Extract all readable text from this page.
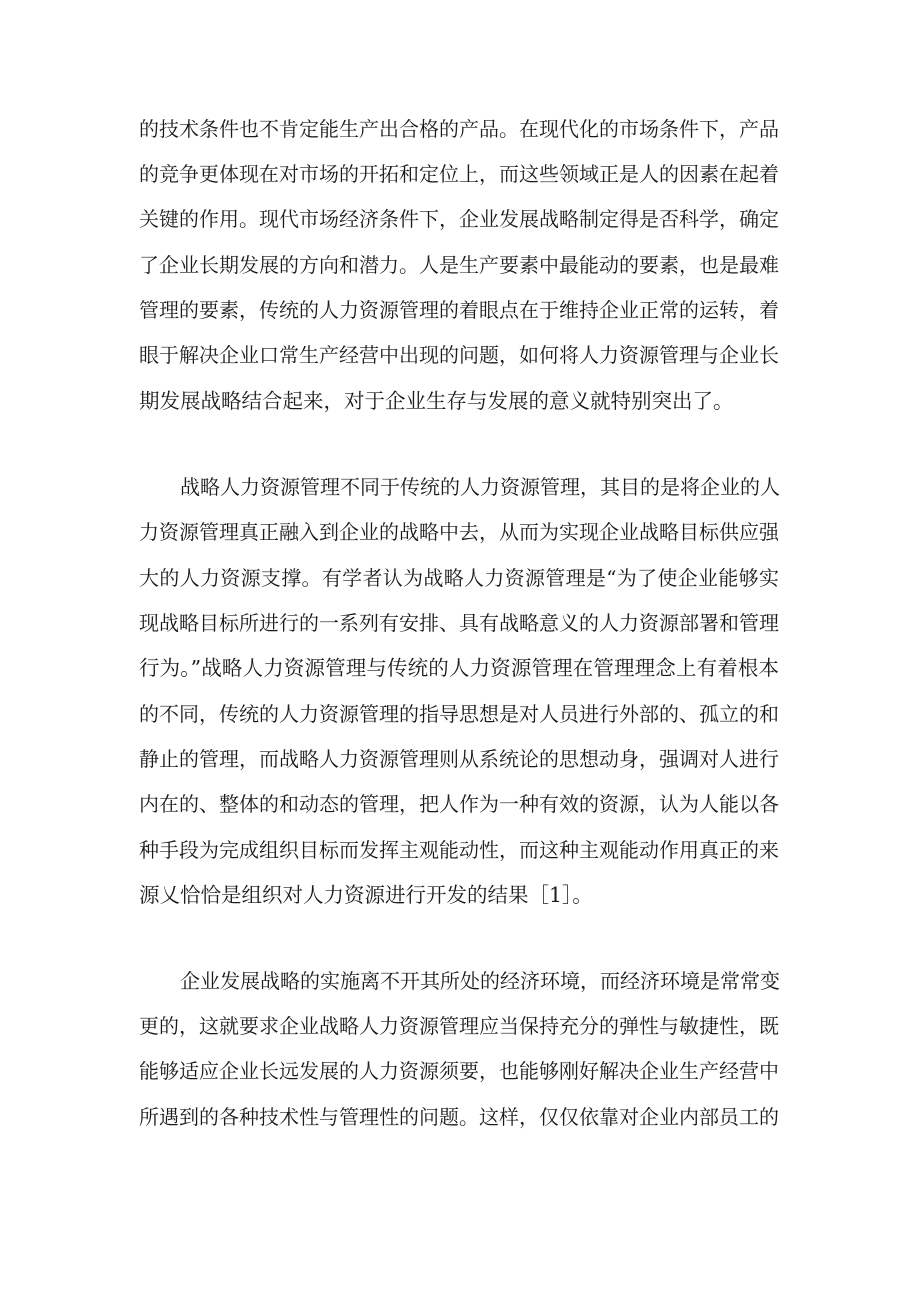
的技术条件也不肯定能生产出合格的产品。在现代化的市场条件下，产品

的竞争更体现在对市场的开拓和定位上，而这些领域正是人的因素在起着

关键的作用。现代市场经济条件下，企业发展战略制定得是否科学，确定

了企业长期发展的方向和潜力。人是生产要素中最能动的要素，也是最难

管理的要素，传统的人力资源管理的着眼点在于维持企业正常的运转，着

眼于解决企业口常生产经营中出现的问题，如何将人力资源管理与企业长

期发展战略结合起来，对于企业生存与发展的意义就特别突出了。

战略人力资源管理不同于传统的人力资源管理，其目的是将企业的人

力资源管理真正融入到企业的战略中去，从而为实现企业战略目标供应强

大的人力资源支撑。有学者认为战略人力资源管理是“为了使企业能够实

现战略目标所进行的一系列有安排、具有战略意义的人力资源部署和管理

行为。”战略人力资源管理与传统的人力资源管理在管理理念上有着根本

的不同，传统的人力资源管理的指导思想是对人员进行外部的、孤立的和

静止的管理，而战略人力资源管理则从系统论的思想动身，强调对人进行

内在的、整体的和动态的管理，把人作为一种有效的资源，认为人能以各

种手段为完成组织目标而发挥主观能动性，而这种主观能动作用真正的来

源乂恰恰是组织对人力资源进行开发的结果［1］。

企业发展战略的实施离不开其所处的经济环境，而经济环境是常常变

更的，这就要求企业战略人力资源管理应当保持充分的弹性与敏捷性，既

能够适应企业长远发展的人力资源须要，也能够刚好解决企业生产经营中

所遇到的各种技术性与管理性的问题。这样，仅仅依靠对企业内部员工的
